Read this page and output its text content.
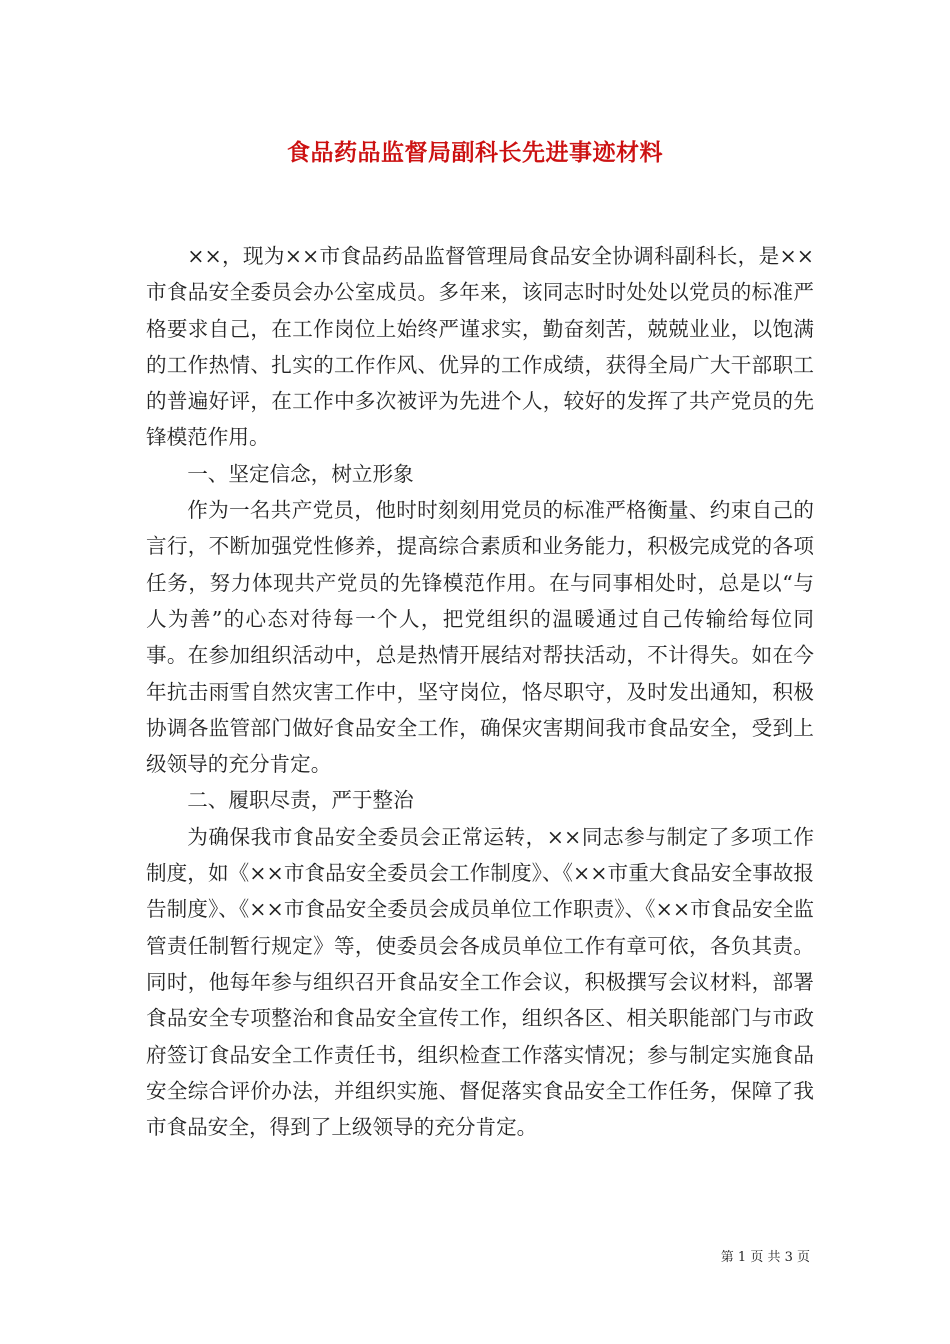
食品药品监督局副科长先进事迹材料

××，现为××市食品药品监督管理局食品安全协调科副科长，是××市食品安全委员会办公室成员。多年来，该同志时时处处以党员的标准严格要求自己，在工作岗位上始终严谨求实，勤奋刻苦，兢兢业业，以饱满的工作热情、扎实的工作作风、优异的工作成绩，获得全局广大干部职工的普遍好评，在工作中多次被评为先进个人，较好的发挥了共产党员的先锋模范作用。

一、坚定信念，树立形象

作为一名共产党员，他时时刻刻用党员的标准严格衡量、约束自己的言行，不断加强党性修养，提高综合素质和业务能力，积极完成党的各项任务，努力体现共产党员的先锋模范作用。在与同事相处时，总是以“与人为善”的心态对待每一个人，把党组织的温暖通过自己传输给每位同事。在参加组织活动中，总是热情开展结对帮扶活动，不计得失。如在今年抗击雨雪自然灾害工作中，坚守岗位，恪尽职守，及时发出通知，积极协调各监管部门做好食品安全工作，确保灾害期间我市食品安全，受到上级领导的充分肯定。

二、履职尽责，严于整治

为确保我市食品安全委员会正常运转，××同志参与制定了多项工作制度，如《××市食品安全委员会工作制度》、《××市重大食品安全事故报告制度》、《××市食品安全委员会成员单位工作职责》、《××市食品安全监管责任制暂行规定》等，使委员会各成员单位工作有章可依，各负其责。同时，他每年参与组织召开食品安全工作会议，积极撰写会议材料，部署食品安全专项整治和食品安全宣传工作，组织各区、相关职能部门与市政府签订食品安全工作责任书，组织检查工作落实情况；参与制定实施食品安全综合评价办法，并组织实施、督促落实食品安全工作任务，保障了我市食品安全，得到了上级领导的充分肯定。

第 1 页 共 3 页
